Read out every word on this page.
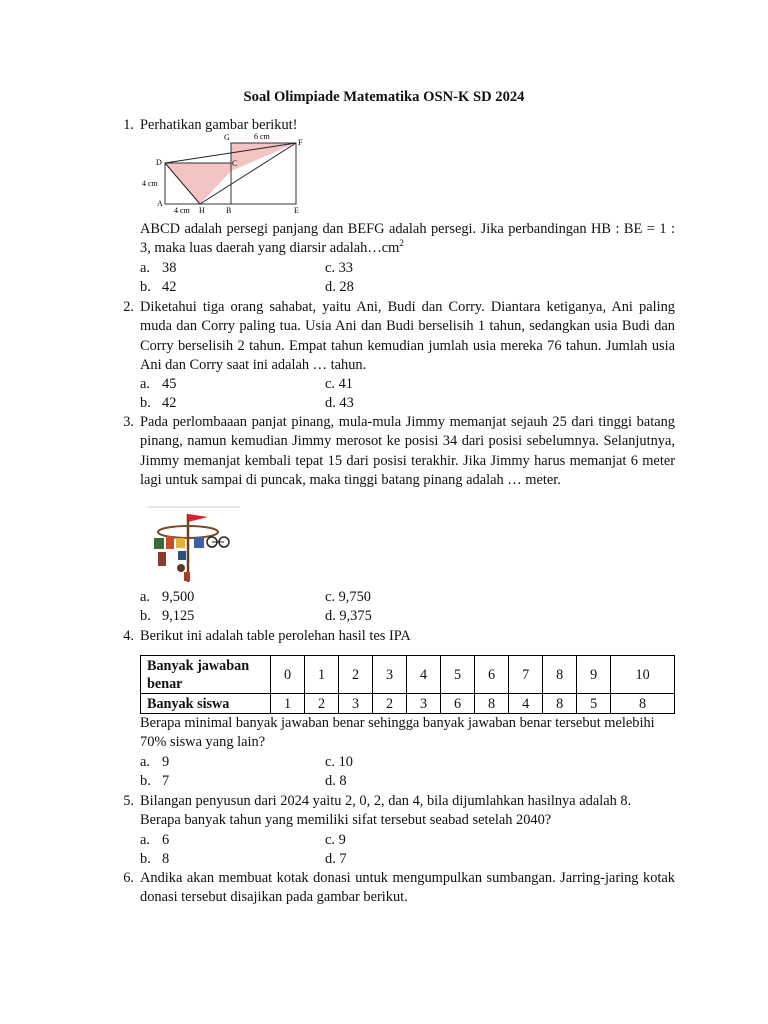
Soal Olimpiade Matematika OSN-K SD 2024
1. Perhatikan gambar berikut!
G	6 cm
F
D	C
4 cm
A
4 cm H	B	E
ABCD adalah persegi panjang dan BEFG adalah persegi. Jika perbandingan HB : BE = 1 : 3, maka luas daerah yang diarsir $adalah\dots cm^2$
a. 38	c. 33
b. 42	d. 28
2. Diketahui tiga orang sahabat, yaitu Ani, Budi dan Corry. Diantara ketiganya, Ani paling muda dan Corry paling tua. Usia Ani dan Budi berselisih 1 tahun, sedangkan usia Budi dan Corry berselisih 2 tahun. Empat tahun kemudian jumlah usia mereka 76 tahun. Jumlah usia Ani dan Corry saat ini adalah … tahun.
a. 45	c. 41
b. 42	d. 43
3. Pada perlombaaan panjat pinang, mula-mula Jimmy memanjat sejauh 25 dari tinggi batang pinang, namun kemudian Jimmy merosot ke posisi 34 dari posisi sebelumnya. Selanjutnya, Jimmy memanjat kembali tepat 15 dari posisi terakhir. Jika Jimmy harus memanjat 6 meter lagi untuk sampai di puncak, maka tinggi batang pinang adalah … meter.
a. 9,500	c. 9,750
b. 9,125	d. 9,375
4. Berikut ini adalah table perolehan hasil tes IPA
Banyak jawaban benar	0	1	2	3	4	5	6	7	8	9	10
Banyak siswa	1	2	3	2	3	6	8	4	8	5	8
Berapa minimal banyak jawaban benar sehingga banyak jawaban benar tersebut melebihi 70% siswa yang lain?
a. 9	c. 10
b. 7	d. 8
5. Bilangan penyusun dari 2024 yaitu 2, 0, 2, dan 4, bila dijumlahkan hasilnya adalah 8. Berapa banyak tahun yang memiliki sifat tersebut seabad setelah 2040?
a. 6	c. 9
b. 8	d. 7
6. Andika akan membuat kotak donasi untuk mengumpulkan sumbangan. Jarring-jaring kotak donasi tersebut disajikan pada gambar berikut.
